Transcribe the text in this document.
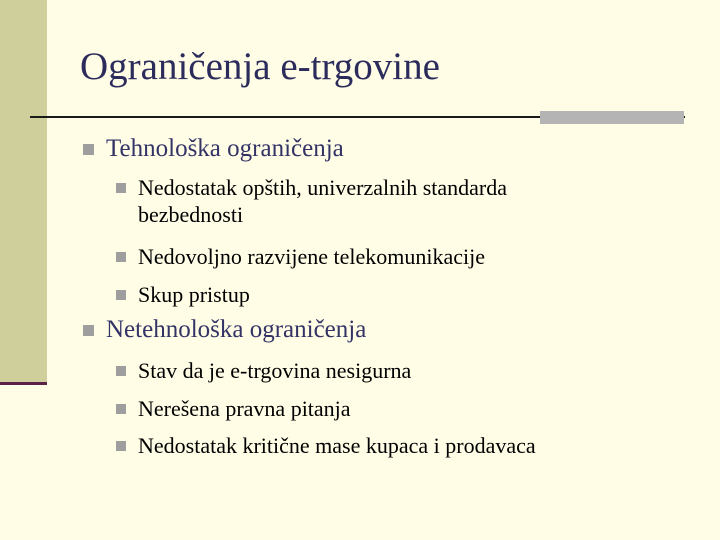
Ograničenja e-trgovine
Tehnološka ograničenja
Nedostatak opštih, univerzalnih standarda
bezbednosti
Nedovoljno razvijene telekomunikacije
Skup pristup
Netehnološka ograničenja
Stav da je e-trgovina nesigurna
Nerešena pravna pitanja
Nedostatak kritične mase kupaca i prodavaca
